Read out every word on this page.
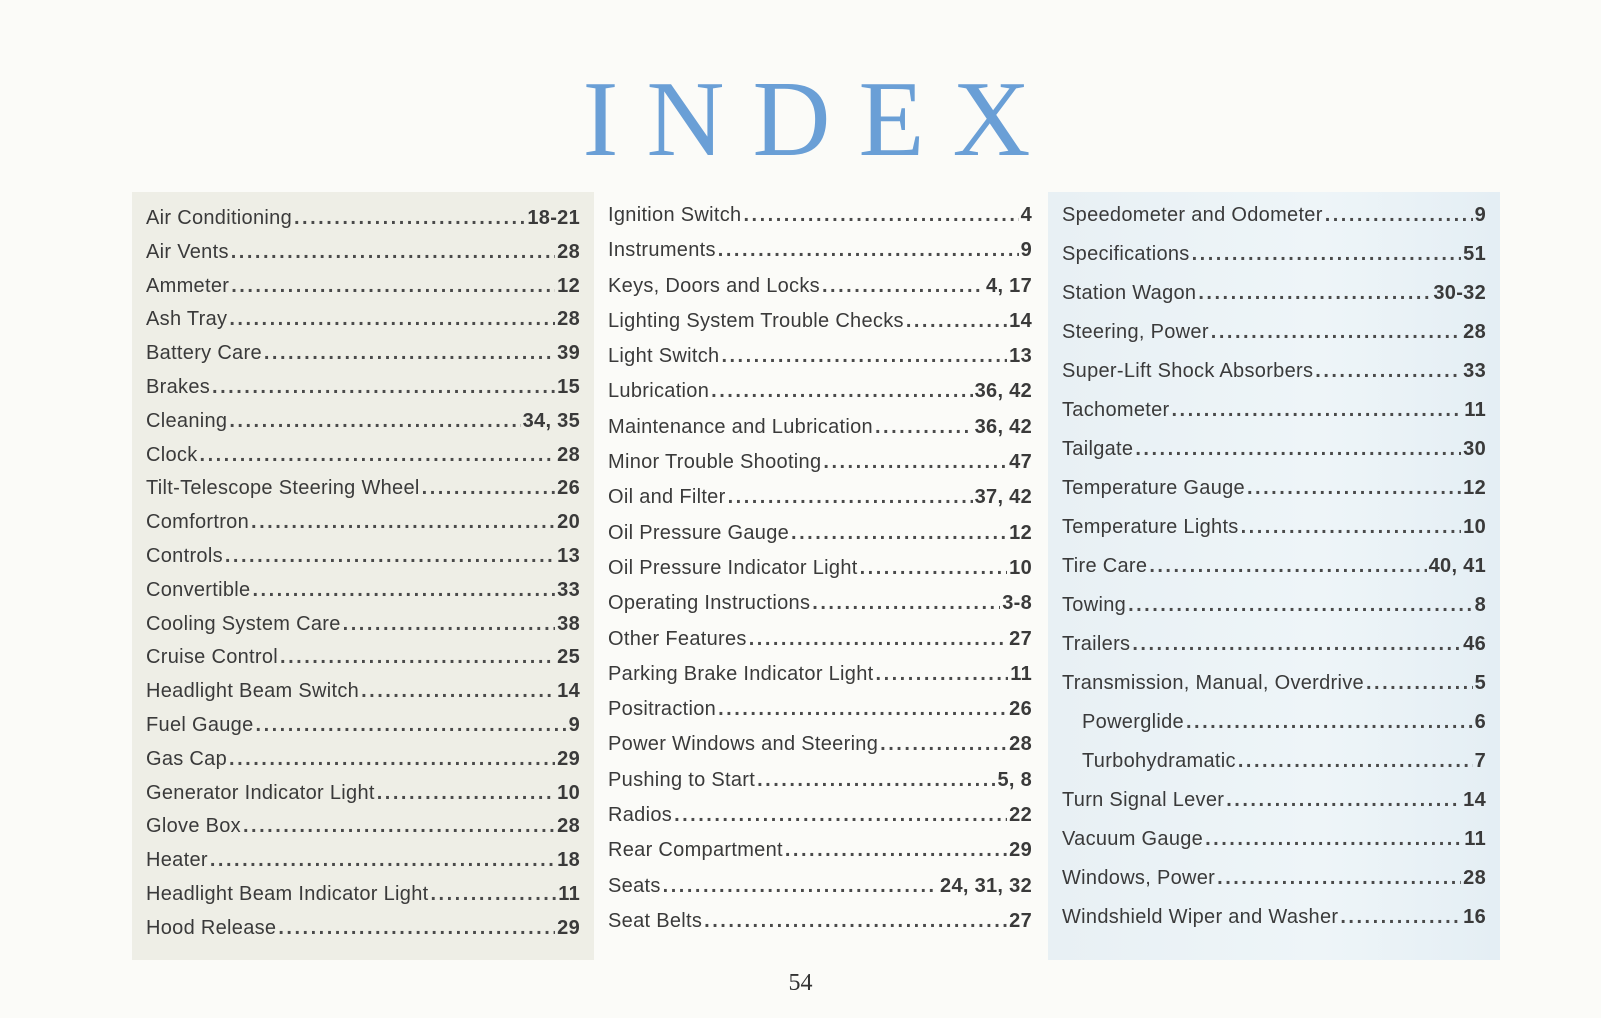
INDEX
Air Conditioning .....	18-21
Air Vents .....	28
Ammeter .....	12
Ash Tray .....	28
Battery Care .....	39
Brakes .....	15
Cleaning .....	34, 35
Clock .....	28
Tilt-Telescope Steering Wheel .....	26
Comfortron .....	20
Controls .....	13
Convertible .....	33
Cooling System Care .....	38
Cruise Control .....	25
Headlight Beam Switch .....	14
Fuel Gauge .....	9
Gas Cap .....	29
Generator Indicator Light .....	10
Glove Box .....	28
Heater .....	18
Headlight Beam Indicator Light .....	11
Hood Release .....	29
Ignition Switch .....	4
Instruments .....	9
Keys, Doors and Locks .....	4, 17
Lighting System Trouble Checks .....	14
Light Switch .....	13
Lubrication .....	36, 42
Maintenance and Lubrication .....	36, 42
Minor Trouble Shooting .....	47
Oil and Filter .....	37, 42
Oil Pressure Gauge .....	12
Oil Pressure Indicator Light .....	10
Operating Instructions .....	3-8
Other Features .....	27
Parking Brake Indicator Light .....	11
Positraction .....	26
Power Windows and Steering .....	28
Pushing to Start .....	5, 8
Radios .....	22
Rear Compartment .....	29
Seats .....	24, 31, 32
Seat Belts .....	27
Speedometer and Odometer .....	9
Specifications .....	51
Station Wagon .....	30-32
Steering, Power .....	28
Super-Lift Shock Absorbers .....	33
Tachometer .....	11
Tailgate .....	30
Temperature Gauge .....	12
Temperature Lights .....	10
Tire Care .....	40, 41
Towing .....	8
Trailers .....	46
Transmission, Manual, Overdrive .....	5
Powerglide .....	6
Turbohydramatic .....	7
Turn Signal Lever .....	14
Vacuum Gauge .....	11
Windows, Power .....	28
Windshield Wiper and Washer .....	16
54
